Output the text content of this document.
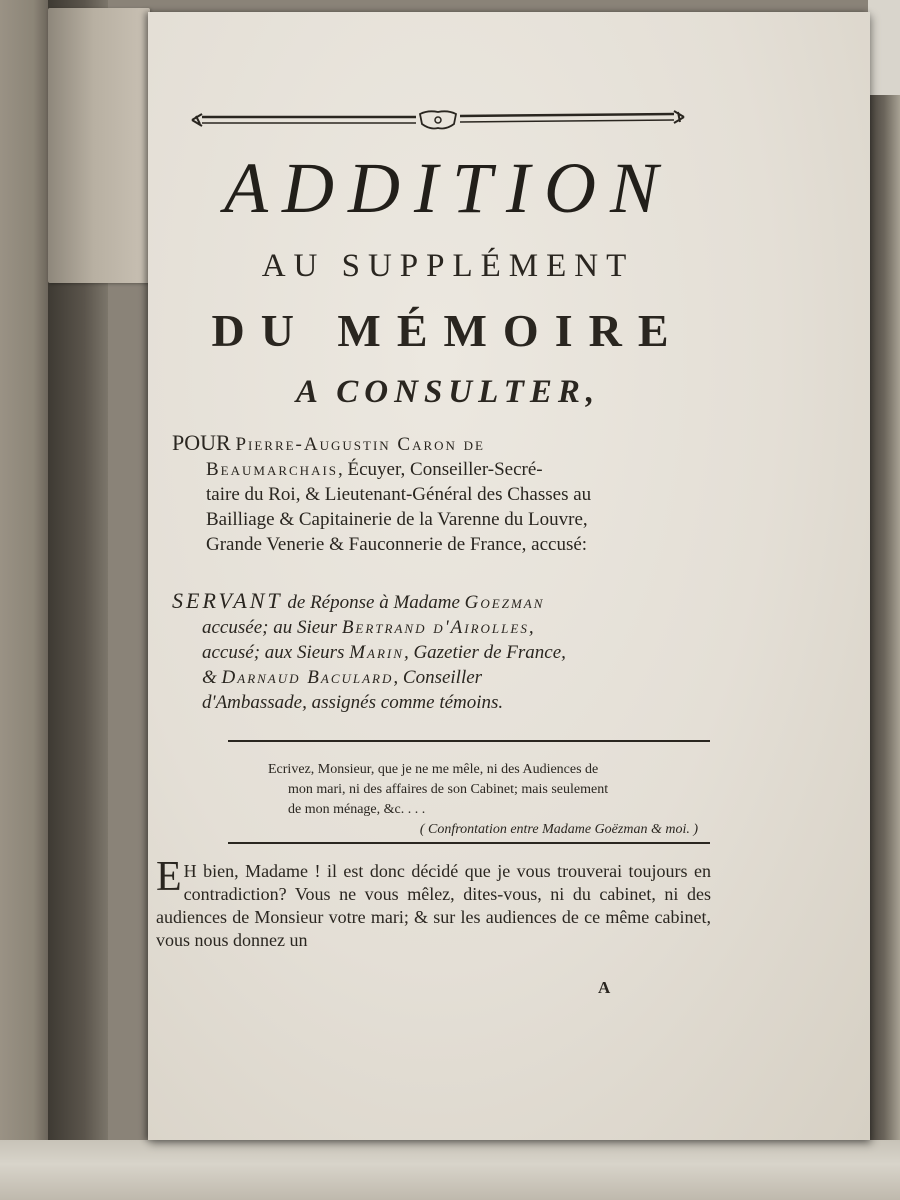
ADDITION
AU SUPPLÉMENT
DU MÉMOIRE
A CONSULTER,
POUR Pierre-Augustin Caron de
Beaumarchais, Écuyer, Conseiller-Secré-
taire du Roi, & Lieutenant-Général des Chasses au
Bailliage & Capitainerie de la Varenne du Louvre,
Grande Venerie & Fauconnerie de France, accusé:
SERVANT de Réponse à Madame Goezman
accusée; au Sieur Bertrand d'Airolles,
accusé; aux Sieurs Marin, Gazetier de France,
& Darnaud Baculard, Conseiller
d'Ambassade, assignés comme témoins.
Ecrivez, Monsieur, que je ne me mêle, ni des Audiences de
mon mari, ni des affaires de son Cabinet; mais seulement
de mon ménage, &c. . . .
( Confrontation entre Madame Goëzman & moi. )
E H bien, Madame ! il est donc décidé que je vous trouverai toujours en contradiction? Vous ne vous mêlez, dites-vous, ni du cabinet, ni des audiences de Monsieur votre mari; & sur les audiences de ce même cabinet, vous nous donnez un
A
